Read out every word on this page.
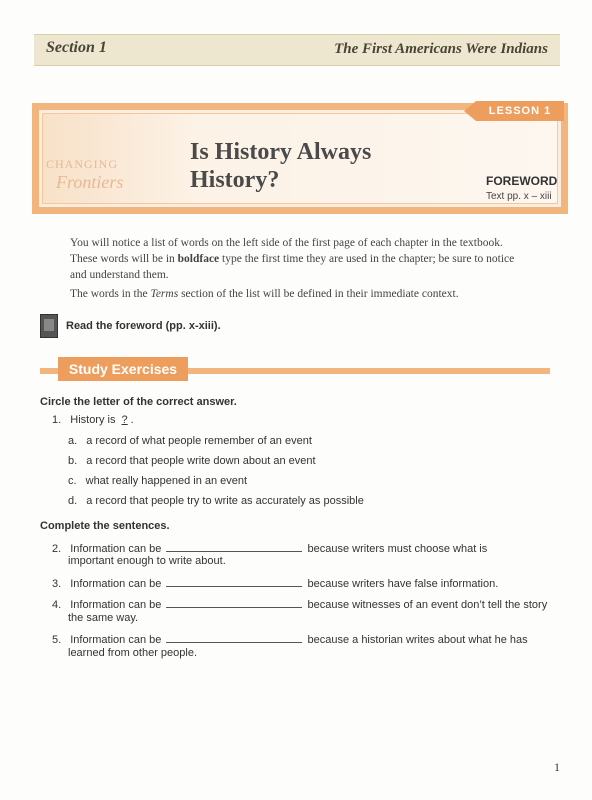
Section 1	The First Americans Were Indians
CHANGING
Frontiers
Is History Always
History?
LESSON 1
FOREWORD
Text pp. x – xiii
You will notice a list of words on the left side of the first page of each chapter in the textbook. These words will be in boldface type the first time they are used in the chapter; be sure to notice and understand them.
The words in the Terms section of the list will be defined in their immediate context.
Read the foreword (pp. x-xiii).
Study Exercises
Circle the letter of the correct answer.
1. History is ? .
a. a record of what people remember of an event
b. a record that people write down about an event
c. what really happened in an event
d. a record that people try to write as accurately as possible
Complete the sentences.
2. Information can be	because writers must choose what is
important enough to write about.
3. Information can be	because writers have false information.
4. Information can be	because witnesses of an event don’t tell the story
the same way.
5. Information can be	because a historian writes about what he has
learned from other people.
1
